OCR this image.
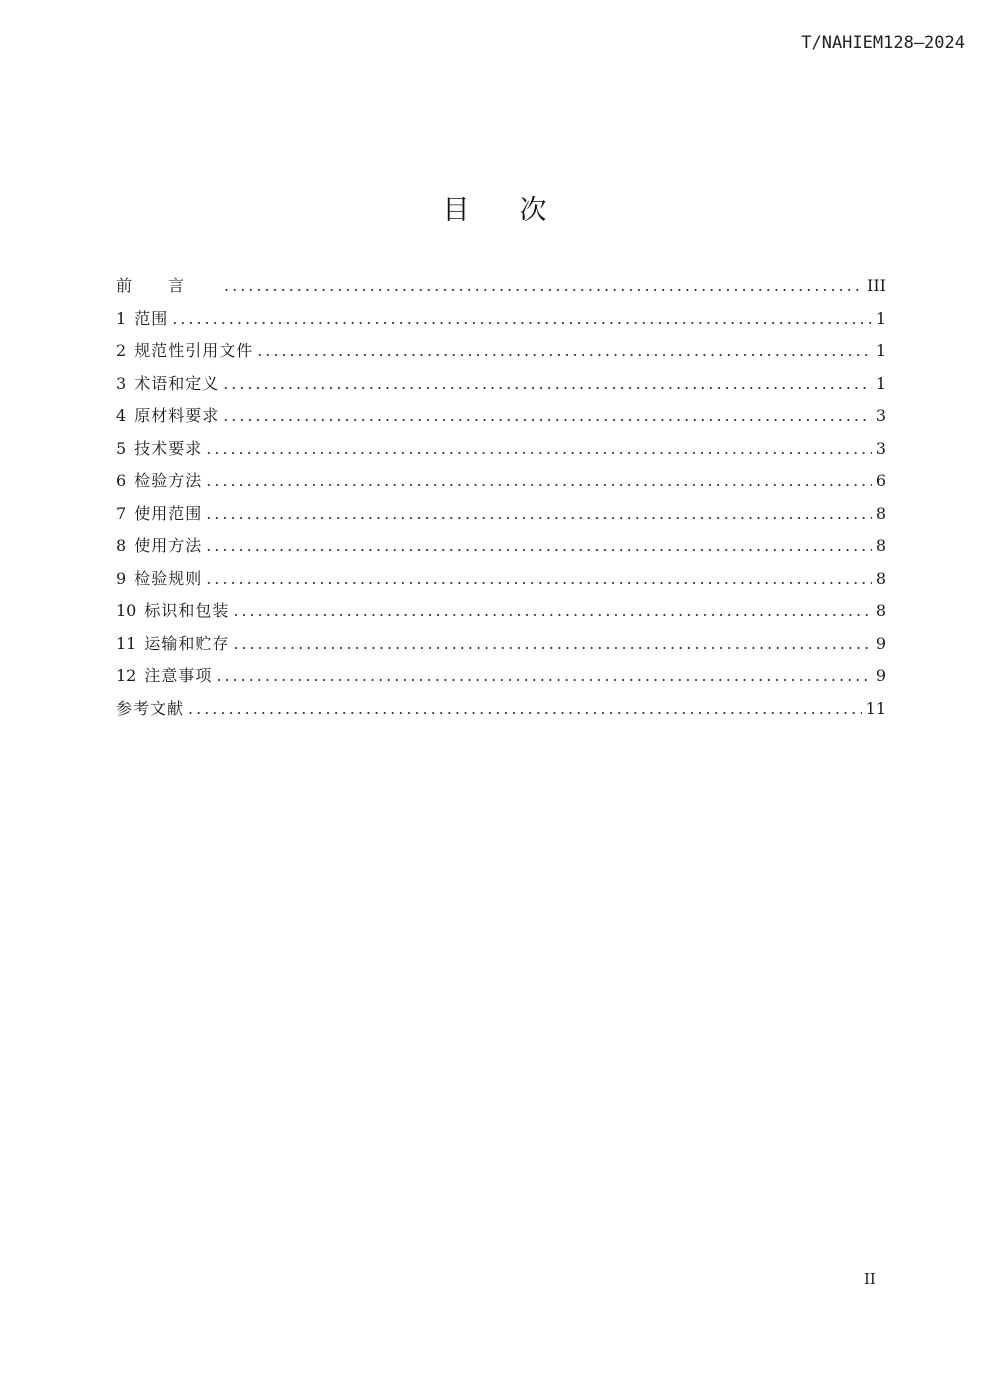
T/NAHIEM128—2024
目 次
前言 .....	III
1 范围 .....	1
2 规范性引用文件 .....	1
3 术语和定义 .....	1
4 原材料要求 .....	3
5 技术要求 .....	3
6 检验方法 .....	6
7 使用范围 .....	8
8 使用方法 .....	8
9 检验规则 .....	8
10 标识和包装 .....	8
11 运输和贮存 .....	9
12 注意事项 .....	9
参考文献 .....	11
II
